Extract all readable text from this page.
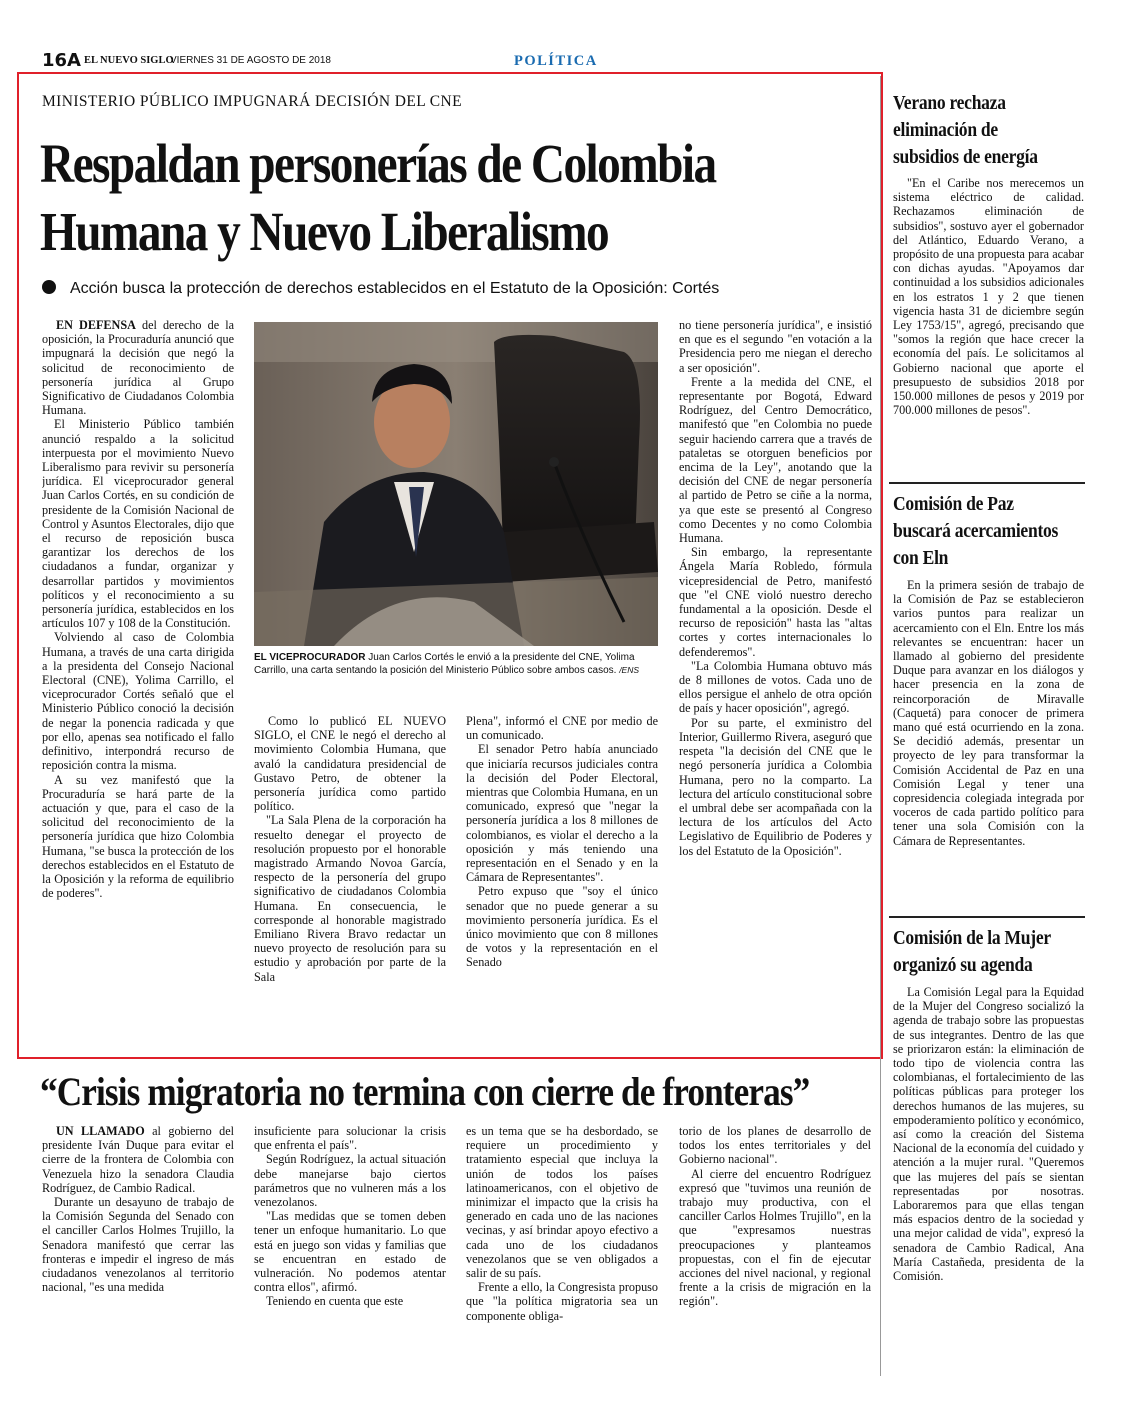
16A EL NUEVO SIGLO
VIERNES 31 DE AGOSTO DE 2018	POLÍTICA
MINISTERIO PÚBLICO IMPUGNARÁ DECISIÓN DEL CNE
Respaldan personerías de Colombia
Humana y Nuevo Liberalismo
Acción busca la protección de derechos establecidos en el Estatuto de la Oposición: Cortés

EN DEFENSA del derecho de la oposición, la Procuraduría anunció que impugnará la decisión que negó la solicitud de reconocimiento de personería jurídica al Grupo Significativo de Ciudadanos Colombia Humana.

El Ministerio Público también anunció respaldo a la solicitud interpuesta por el movimiento Nuevo Liberalismo para revivir su personería jurídica. El viceprocurador general Juan Carlos Cortés, en su condición de presidente de la Comisión Nacional de Control y Asuntos Electorales, dijo que el recurso de reposición busca garantizar los derechos de los ciudadanos a fundar, organizar y desarrollar partidos y movimientos políticos y el reconocimiento a su personería jurídica, establecidos en los artículos 107 y 108 de la Constitución.

Volviendo al caso de Colombia Humana, a través de una carta dirigida a la presidenta del Consejo Nacional Electoral (CNE), Yolima Carrillo, el viceprocurador Cortés señaló que el Ministerio Público conoció la decisión de negar la ponencia radicada y que por ello, apenas sea notificado el fallo definitivo, interpondrá recurso de reposición contra la misma.

A su vez manifestó que la Procuraduría se hará parte de la actuación y que, para el caso de la solicitud del reconocimiento de la personería jurídica que hizo Colombia Humana, "se busca la protección de los derechos establecidos en el Estatuto de la Oposición y la reforma de equilibrio de poderes".

EL VICEPROCURADOR Juan Carlos Cortés le envió a la presidente del CNE, Yolima Carrillo, una carta sentando la posición del Ministerio Público sobre ambos casos. /ENS

Como lo publicó EL NUEVO SIGLO, el CNE le negó el derecho al movimiento Colombia Humana, que avaló la candidatura presidencial de Gustavo Petro, de obtener la personería jurídica como partido político.

"La Sala Plena de la corporación ha resuelto denegar el proyecto de resolución propuesto por el honorable magistrado Armando Novoa García, respecto de la personería del grupo significativo de ciudadanos Colombia Humana. En consecuencia, le corresponde al honorable magistrado Emiliano Rivera Bravo redactar un nuevo proyecto de resolución para su estudio y aprobación por parte de la Sala

Plena", informó el CNE por medio de un comunicado.

El senador Petro había anunciado que iniciaría recursos judiciales contra la decisión del Poder Electoral, mientras que Colombia Humana, en un comunicado, expresó que "negar la personería jurídica a los 8 millones de colombianos, es violar el derecho a la oposición y más teniendo una representación en el Senado y en la Cámara de Representantes".

Petro expuso que "soy el único senador que no puede generar a su movimiento personería jurídica. Es el único movimiento que con 8 millones de votos y la representación en el Senado

no tiene personería jurídica", e insistió en que es el segundo "en votación a la Presidencia pero me niegan el derecho a ser oposición".

Frente a la medida del CNE, el representante por Bogotá, Edward Rodríguez, del Centro Democrático, manifestó que "en Colombia no puede seguir haciendo carrera que a través de pataletas se otorguen beneficios por encima de la Ley", anotando que la decisión del CNE de negar personería al partido de Petro se ciñe a la norma, ya que este se presentó al Congreso como Decentes y no como Colombia Humana.

Sin embargo, la representante Ángela María Robledo, fórmula vicepresidencial de Petro, manifestó que "el CNE violó nuestro derecho fundamental a la oposición. Desde el recurso de reposición" hasta las "altas cortes y cortes internacionales lo defenderemos".

"La Colombia Humana obtuvo más de 8 millones de votos. Cada uno de ellos persigue el anhelo de otra opción de país y hacer oposición", agregó.

Por su parte, el exministro del Interior, Guillermo Rivera, aseguró que respeta "la decisión del CNE que le negó personería jurídica a Colombia Humana, pero no la comparto. La lectura del artículo constitucional sobre el umbral debe ser acompañada con la lectura de los artículos del Acto Legislativo de Equilibrio de Poderes y los del Estatuto de la Oposición".

Verano rechaza
eliminación de
subsidios de energía

"En el Caribe nos merecemos un sistema eléctrico de calidad. Rechazamos eliminación de subsidios", sostuvo ayer el gobernador del Atlántico, Eduardo Verano, a propósito de una propuesta para acabar con dichas ayudas. "Apoyamos dar continuidad a los subsidios adicionales en los estratos 1 y 2 que tienen vigencia hasta 31 de diciembre según Ley 1753/15", agregó, precisando que "somos la región que hace crecer la economía del país. Le solicitamos al Gobierno nacional que aporte el presupuesto de subsidios 2018 por 150.000 millones de pesos y 2019 por 700.000 millones de pesos".

Comisión de Paz
buscará acercamientos
con Eln

En la primera sesión de trabajo de la Comisión de Paz se establecieron varios puntos para realizar un acercamiento con el Eln. Entre los más relevantes se encuentran: hacer un llamado al gobierno del presidente Duque para avanzar en los diálogos y hacer presencia en la zona de reincorporación de Miravalle (Caquetá) para conocer de primera mano qué está ocurriendo en la zona. Se decidió además, presentar un proyecto de ley para transformar la Comisión Accidental de Paz en una Comisión Legal y tener una copresidencia colegiada integrada por voceros de cada partido político para tener una sola Comisión con la Cámara de Representantes.

Comisión de la Mujer
organizó su agenda

La Comisión Legal para la Equidad de la Mujer del Congreso socializó la agenda de trabajo sobre las propuestas de sus integrantes. Dentro de las que se priorizaron están: la eliminación de todo tipo de violencia contra las colombianas, el fortalecimiento de las políticas públicas para proteger los derechos humanos de las mujeres, su empoderamiento político y económico, así como la creación del Sistema Nacional de la economía del cuidado y atención a la mujer rural. "Queremos que las mujeres del país se sientan representadas por nosotras. Laboraremos para que ellas tengan más espacios dentro de la sociedad y una mejor calidad de vida", expresó la senadora de Cambio Radical, Ana María Castañeda, presidenta de la Comisión.

“Crisis migratoria no termina con cierre de fronteras”

UN LLAMADO al gobierno del presidente Iván Duque para evitar el cierre de la frontera de Colombia con Venezuela hizo la senadora Claudia Rodríguez, de Cambio Radical.

Durante un desayuno de trabajo de la Comisión Segunda del Senado con el canciller Carlos Holmes Trujillo, la Senadora manifestó que cerrar las fronteras e impedir el ingreso de más ciudadanos venezolanos al territorio nacional, "es una medida

insuficiente para solucionar la crisis que enfrenta el país".

Según Rodríguez, la actual situación debe manejarse bajo ciertos parámetros que no vulneren más a los venezolanos.

"Las medidas que se tomen deben tener un enfoque humanitario. Lo que está en juego son vidas y familias que se encuentran en estado de vulneración. No podemos atentar contra ellos", afirmó.

Teniendo en cuenta que este

es un tema que se ha desbordado, se requiere un procedimiento y tratamiento especial que incluya la unión de todos los países latinoamericanos, con el objetivo de minimizar el impacto que la crisis ha generado en cada uno de las naciones vecinas, y así brindar apoyo efectivo a cada uno de los ciudadanos venezolanos que se ven obligados a salir de su país.

Frente a ello, la Congresista propuso que "la política migratoria sea un componente obliga-

torio de los planes de desarrollo de todos los entes territoriales y del Gobierno nacional".

Al cierre del encuentro Rodríguez expresó que "tuvimos una reunión de trabajo muy productiva, con el canciller Carlos Holmes Trujillo", en la que "expresamos nuestras preocupaciones y planteamos propuestas, con el fin de ejecutar acciones del nivel nacional, y regional frente a la crisis de migración en la región".
